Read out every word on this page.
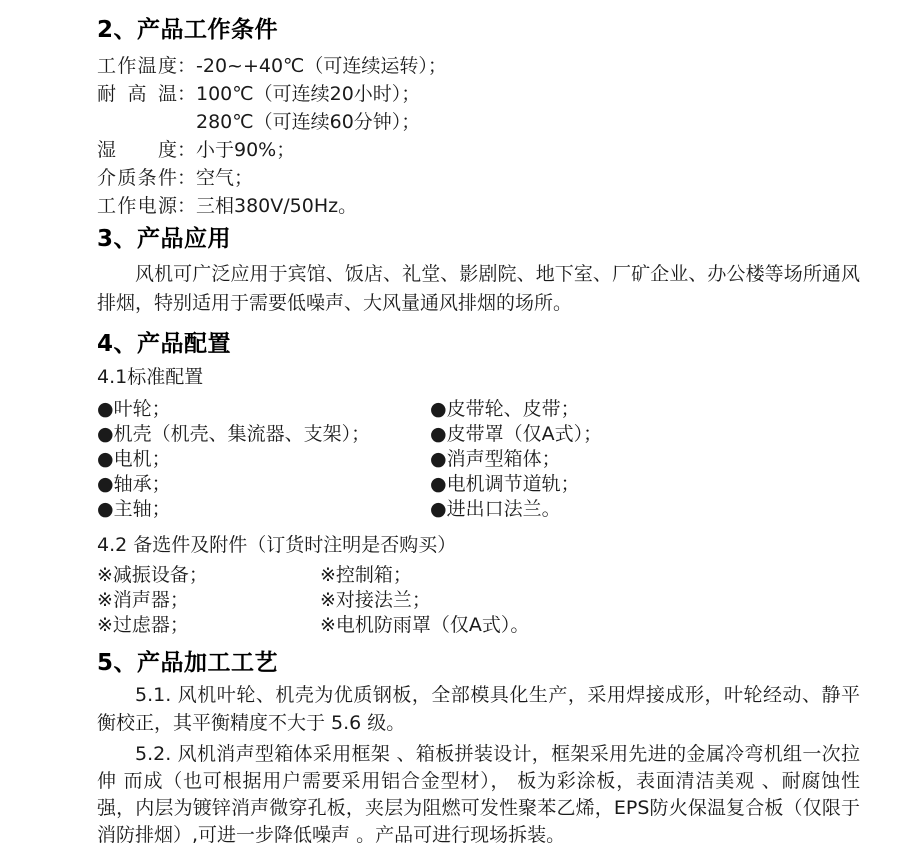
2、产品工作条件
工作温度：-20~+40℃（可连续运转）；
耐高温：100℃（可连续20小时）；
280℃（可连续60分钟）；
湿度：小于90%；
介质条件：空气；
工作电源：三相380V/50Hz。
3、产品应用

风机可广泛应用于宾馆、饭店、礼堂、影剧院、地下室、厂矿企业、办公楼等场所通风排烟，特别适用于需要低噪声、大风量通风排烟的场所。

4、产品配置

4.1标准配置

●叶轮；
●机壳（机壳、集流器、支架）；
●电机；
●轴承；
●主轴；
●皮带轮、皮带；
●皮带罩（仅A式）；
●消声型箱体；
●电机调节道轨；
●进出口法兰。

4.2 备选件及附件（订货时注明是否购买）

※减振设备；
※消声器；
※过虑器；
※控制箱；
※对接法兰；
※电机防雨罩（仅A式）。
5、产品加工工艺

5.1. 风机叶轮、机壳为优质钢板，全部模具化生产，采用焊接成形，叶轮经动、静平衡校正，其平衡精度不大于 5.6 级。

5.2. 风机消声型箱体采用框架 、箱板拼装设计，框架采用先进的金属冷弯机组一次拉伸 而成（也可根据用户需要采用铝合金型材）， 板为彩涂板，表面清洁美观 、耐腐蚀性强，内层为镀锌消声微穿孔板，夹层为阻燃可发性聚苯乙烯，EPS防火保温复合板（仅限于消防排烟）,可进一步降低噪声 。产品可进行现场拆装。
